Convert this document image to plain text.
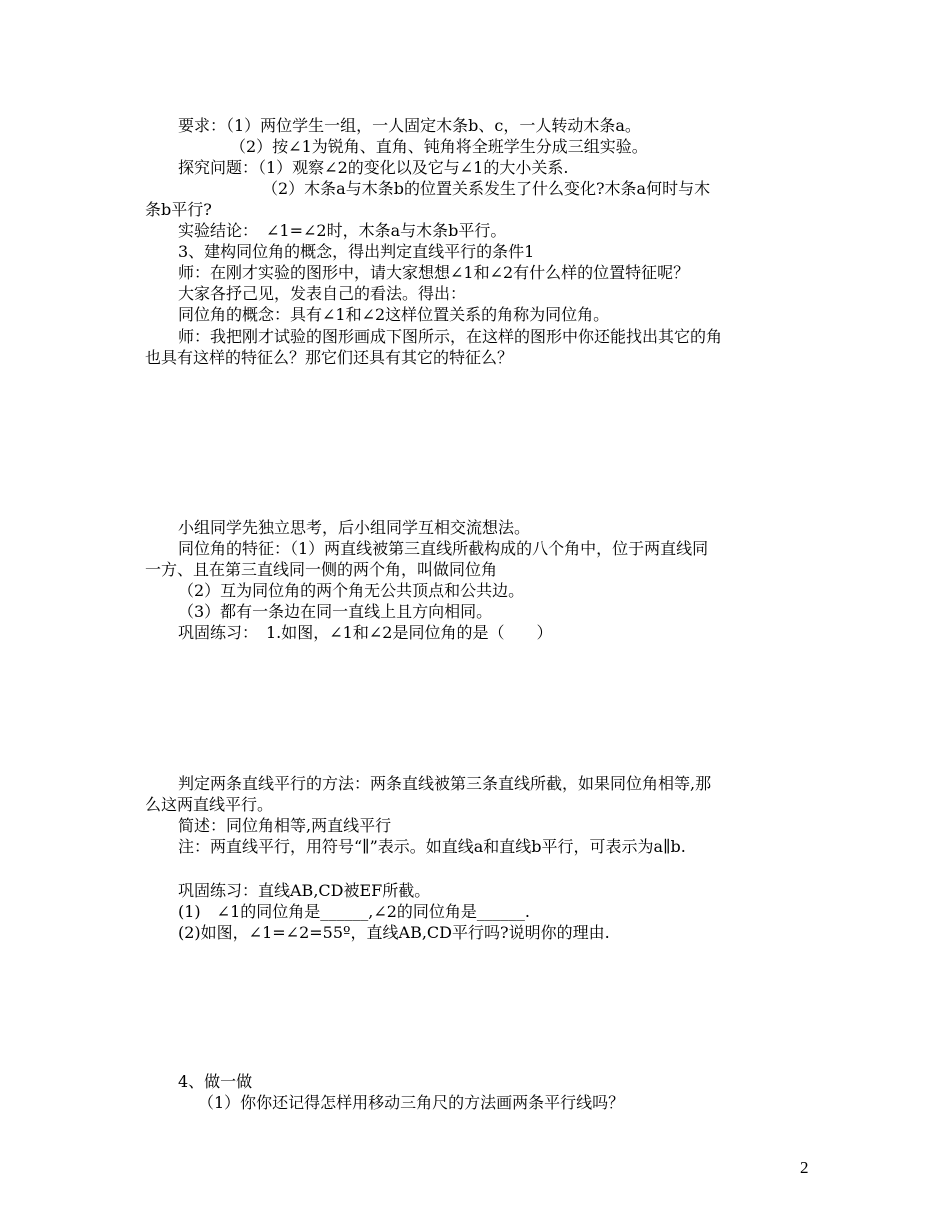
要求：（1）两位学生一组，一人固定木条b、c，一人转动木条a。
（2）按∠1为锐角、直角、钝角将全班学生分成三组实验。
探究问题：（1）观察∠2的变化以及它与∠1的大小关系.
（2）木条a与木条b的位置关系发生了什么变化?木条a何时与木
条b平行?
实验结论：　∠1=∠2时，木条a与木条b平行。
3、建构同位角的概念，得出判定直线平行的条件1
师：在刚才实验的图形中，请大家想想∠1和∠2有什么样的位置特征呢？
大家各抒己见，发表自己的看法。得出：
同位角的概念：具有∠1和∠2这样位置关系的角称为同位角。
师：我把刚才试验的图形画成下图所示，在这样的图形中你还能找出其它的角
也具有这样的特征么？那它们还具有其它的特征么？
小组同学先独立思考，后小组同学互相交流想法。
同位角的特征：（1）两直线被第三直线所截构成的八个角中，位于两直线同
一方、且在第三直线同一侧的两个角，叫做同位角
（2）互为同位角的两个角无公共顶点和公共边。
（3）都有一条边在同一直线上且方向相同。
巩固练习：　1.如图，∠1和∠2是同位角的是（　　）
判定两条直线平行的方法：两条直线被第三条直线所截，如果同位角相等,那
么这两直线平行。
简述：同位角相等,两直线平行
注：两直线平行，用符号“∥”表示。如直线a和直线b平行，可表示为a∥b.
巩固练习：直线AB,CD被EF所截。
(1)　∠1的同位角是______,∠2的同位角是______.
(2)如图，∠1=∠2=55º，直线AB,CD平行吗?说明你的理由.
4、做一做
（1）你你还记得怎样用移动三角尺的方法画两条平行线吗？
2
